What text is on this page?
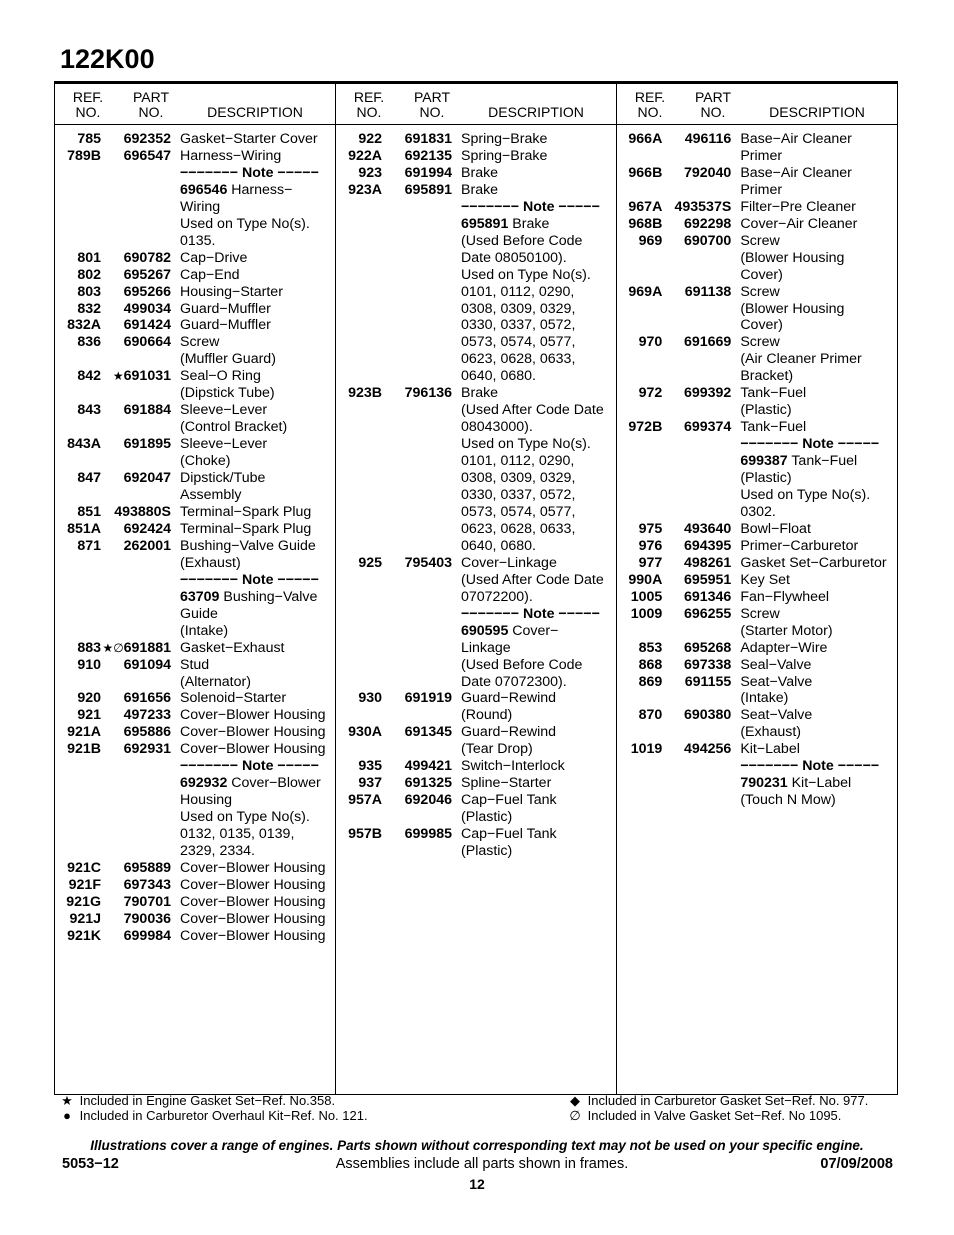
122K00
REF.
NO.
PART
NO.	DESCRIPTION
785	692352 Gasket−Starter Cover
789B	696547 Harness−Wiring
−−−−−−− Note −−−−−
696546 Harness−
Wiring
Used on Type No(s).
0135.
801	690782 Cap−Drive
802	695267 Cap−End
803	695266 Housing−Starter
832	499034 Guard−Muffler
832A	691424 Guard−Muffler
836	690664 Screw
(Muffler Guard)
842 ★691031 Seal−O Ring
(Dipstick Tube)
843	691884 Sleeve−Lever
(Control Bracket)
843A	691895 Sleeve−Lever
(Choke)
847	692047 Dipstick/Tube
Assembly
851 493880S Terminal−Spark Plug
851A	692424 Terminal−Spark Plug
871	262001 Bushing−Valve Guide
(Exhaust)
−−−−−−− Note −−−−−
63709 Bushing−Valve
Guide
(Intake)
883 ★∅691881 Gasket−Exhaust
910	691094 Stud
(Alternator)
920	691656 Solenoid−Starter
921	497233 Cover−Blower Housing
921A	695886 Cover−Blower Housing
921B	692931 Cover−Blower Housing
−−−−−−− Note −−−−−
692932 Cover−Blower
Housing
Used on Type No(s).
0132, 0135, 0139,
2329, 2334.
921C	695889 Cover−Blower Housing
921F	697343 Cover−Blower Housing
921G	790701 Cover−Blower Housing
921J	790036 Cover−Blower Housing
921K	699984 Cover−Blower Housing
REF.
NO.
PART
NO.	DESCRIPTION
922	691831 Spring−Brake
922A	692135 Spring−Brake
923	691994 Brake
923A	695891 Brake
−−−−−−− Note −−−−−
695891 Brake
(Used Before Code
Date 08050100).
Used on Type No(s).
0101, 0112, 0290,
0308, 0309, 0329,
0330, 0337, 0572,
0573, 0574, 0577,
0623, 0628, 0633,
0640, 0680.
923B	796136 Brake
(Used After Code Date
08043000).
Used on Type No(s).
0101, 0112, 0290,
0308, 0309, 0329,
0330, 0337, 0572,
0573, 0574, 0577,
0623, 0628, 0633,
0640, 0680.
925	795403 Cover−Linkage
(Used After Code Date
07072200).
−−−−−−− Note −−−−−
690595 Cover−
Linkage
(Used Before Code
Date 07072300).
930	691919 Guard−Rewind
(Round)
930A	691345 Guard−Rewind
(Tear Drop)
935	499421 Switch−Interlock
937	691325 Spline−Starter
957A	692046 Cap−Fuel Tank
(Plastic)
957B	699985 Cap−Fuel Tank
(Plastic)
REF.
NO.
PART
NO.	DESCRIPTION
966A	496116 Base−Air Cleaner
Primer
966B	792040 Base−Air Cleaner
Primer
967A 493537S Filter−Pre Cleaner
968B	692298 Cover−Air Cleaner
969	690700 Screw
(Blower Housing
Cover)
969A	691138 Screw
(Blower Housing
Cover)
970	691669 Screw
(Air Cleaner Primer
Bracket)
972	699392 Tank−Fuel
(Plastic)
972B	699374 Tank−Fuel
−−−−−−− Note −−−−−
699387 Tank−Fuel
(Plastic)
Used on Type No(s).
0302.
975	493640 Bowl−Float
976	694395 Primer−Carburetor
977	498261 Gasket Set−Carburetor
990A	695951 Key Set
1005	691346 Fan−Flywheel
1009	696255 Screw
(Starter Motor)
853	695268 Adapter−Wire
868	697338 Seal−Valve
869	691155 Seat−Valve
(Intake)
870	690380 Seat−Valve
(Exhaust)
1019	494256 Kit−Label
−−−−−−− Note −−−−−
790231 Kit−Label
(Touch N Mow)
★ Included in Engine Gasket Set−Ref. No.358.
● Included in Carburetor Overhaul Kit−Ref. No. 121.
◆ Included in Carburetor Gasket Set−Ref. No. 977.
∅ Included in Valve Gasket Set−Ref. No 1095.
Illustrations cover a range of engines. Parts shown without corresponding text may not be used on your specific engine.
5053−12	Assemblies include all parts shown in frames.	07/09/2008
12
